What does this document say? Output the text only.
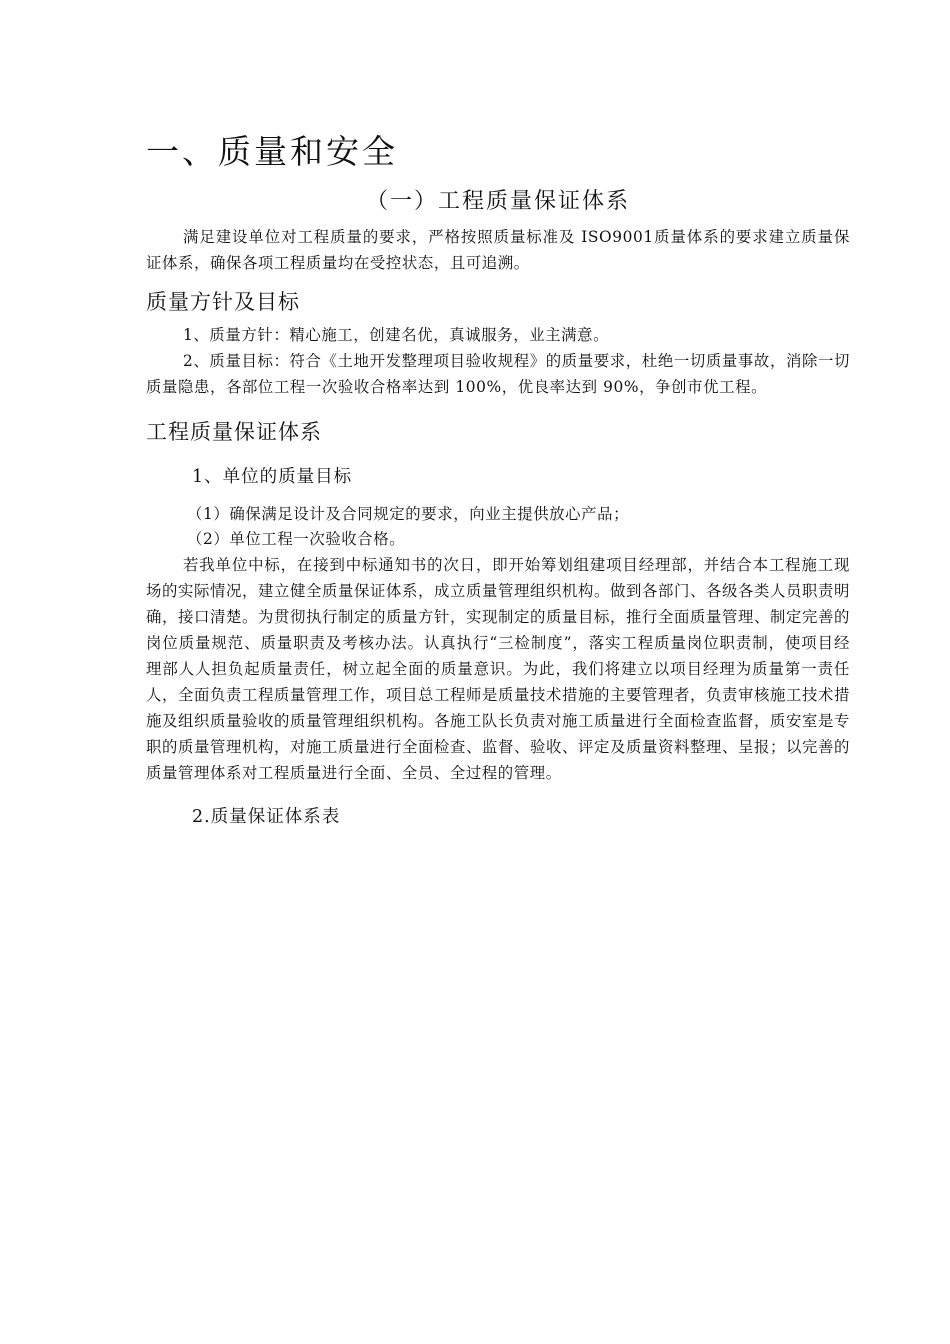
一、质量和安全
（一）工程质量保证体系

满足建设单位对工程质量的要求，严格按照质量标准及 ISO9001质量体系的要求建立质量保证体系，确保各项工程质量均在受控状态，且可追溯。

质量方针及目标

1、质量方针：精心施工，创建名优，真诚服务，业主满意。

2、质量目标：符合《土地开发整理项目验收规程》的质量要求，杜绝一切质量事故，消除一切质量隐患，各部位工程一次验收合格率达到 100%，优良率达到 90%，争创市优工程。

工程质量保证体系
1、单位的质量目标

（1）确保满足设计及合同规定的要求，向业主提供放心产品；

（2）单位工程一次验收合格。

若我单位中标，在接到中标通知书的次日，即开始筹划组建项目经理部，并结合本工程施工现场的实际情况，建立健全质量保证体系，成立质量管理组织机构。做到各部门、各级各类人员职责明确，接口清楚。为贯彻执行制定的质量方针，实现制定的质量目标，推行全面质量管理、制定完善的岗位质量规范、质量职责及考核办法。认真执行“三检制度”，落实工程质量岗位职责制，使项目经理部人人担负起质量责任，树立起全面的质量意识。为此，我们将建立以项目经理为质量第一责任人，全面负责工程质量管理工作，项目总工程师是质量技术措施的主要管理者，负责审核施工技术措施及组织质量验收的质量管理组织机构。各施工队长负责对施工质量进行全面检查监督，质安室是专职的质量管理机构，对施工质量进行全面检查、监督、验收、评定及质量资料整理、呈报；以完善的质量管理体系对工程质量进行全面、全员、全过程的管理。

2.质量保证体系表
